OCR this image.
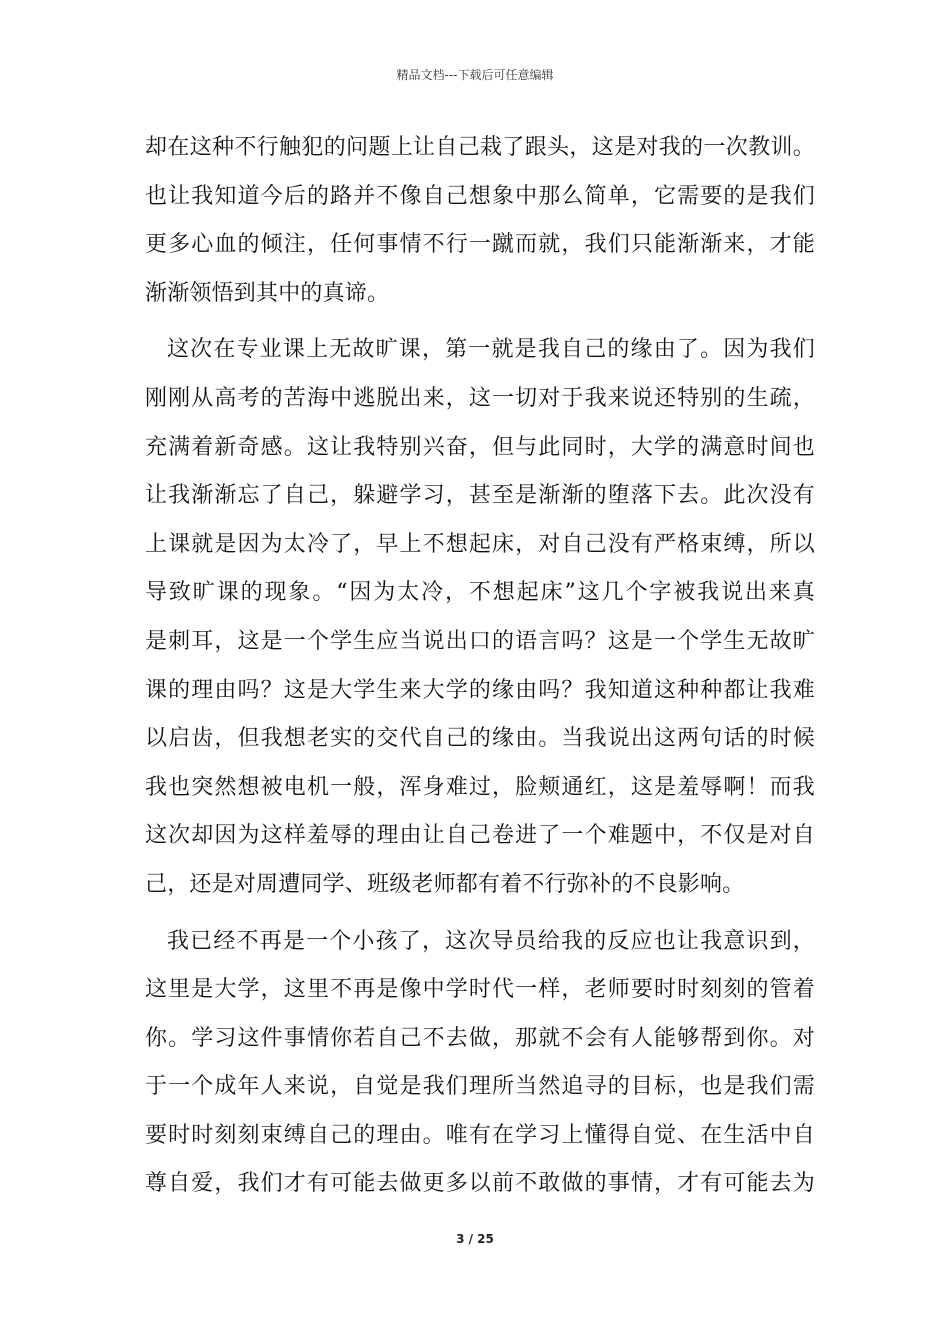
精品文档---下载后可任意编辑
却在这种不行触犯的问题上让自己栽了跟头，这是对我的一次教训。
也让我知道今后的路并不像自己想象中那么简单，它需要的是我们
更多心血的倾注，任何事情不行一蹴而就，我们只能渐渐来，才能
渐渐领悟到其中的真谛。
这次在专业课上无故旷课，第一就是我自己的缘由了。因为我们
刚刚从高考的苦海中逃脱出来，这一切对于我来说还特别的生疏，
充满着新奇感。这让我特别兴奋，但与此同时，大学的满意时间也
让我渐渐忘了自己，躲避学习，甚至是渐渐的堕落下去。此次没有
上课就是因为太冷了，早上不想起床，对自己没有严格束缚，所以
导致旷课的现象。“因为太冷，不想起床”这几个字被我说出来真
是刺耳，这是一个学生应当说出口的语言吗？这是一个学生无故旷
课的理由吗？这是大学生来大学的缘由吗？我知道这种种都让我难
以启齿，但我想老实的交代自己的缘由。当我说出这两句话的时候
我也突然想被电机一般，浑身难过，脸颊通红，这是羞辱啊！而我
这次却因为这样羞辱的理由让自己卷进了一个难题中，不仅是对自
己，还是对周遭同学、班级老师都有着不行弥补的不良影响。
我已经不再是一个小孩了，这次导员给我的反应也让我意识到，
这里是大学，这里不再是像中学时代一样，老师要时时刻刻的管着
你。学习这件事情你若自己不去做，那就不会有人能够帮到你。对
于一个成年人来说，自觉是我们理所当然追寻的目标，也是我们需
要时时刻刻束缚自己的理由。唯有在学习上懂得自觉、在生活中自
尊自爱，我们才有可能去做更多以前不敢做的事情，才有可能去为
3 / 25
